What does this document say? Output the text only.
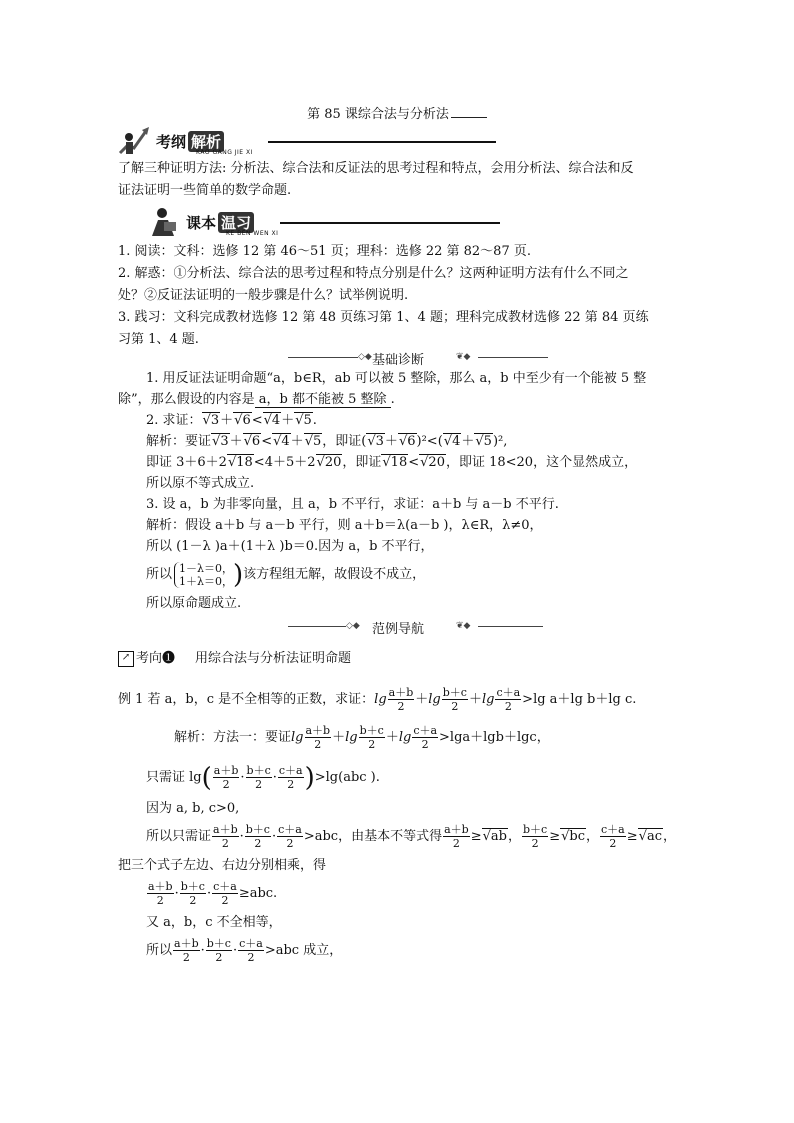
第 85 课综合法与分析法
考纲 解析
KAO GANG JIE XI
了解三种证明方法: 分析法、综合法和反证法的思考过程和特点，会用分析法、综合法和反
证法证明一些简单的数学命题.
课本 温习
KE BEN WEN XI
1. 阅读：文科：选修 12 第 46～51 页；理科：选修 22 第 82～87 页.
2. 解惑：①分析法、综合法的思考过程和特点分别是什么？这两种证明方法有什么不同之
处？②反证法证明的一般步骤是什么？试举例说明.
3. 践习：文科完成教材选修 12 第 48 页练习第 1、4 题；理科完成教材选修 22 第 84 页练
习第 1、4 题.
◇◆	❦◆
基础诊断
1. 用反证法证明命题“a，b∈R，ab 可以被 5 整除，那么 a，b 中至少有一个能被 5 整
除”，那么假设的内容是 a，b 都不能被 5 整除 .
2. 求证： √ 3＋ √ 6< √ 4＋ √ 5.
解析：要证 √ 3＋ √ 6< √ 4＋ √ 5，即证( √ 3＋ √ 6)²<( √ 4＋ √ 5)²,
即证 3＋6＋2 √ 18<4＋5＋2 √ 20，即证 √ 18< √ 20，即证 18<20，这个显然成立，
所以原不等式成立.
3. 设 a，b 为非零向量，且 a，b 不平行，求证：a＋b 与 a－b 不平行.
解析：假设 a＋b 与 a－b 平行，则 a＋b＝λ(a－b )，λ∈R，λ≠0，
所以 (1－λ )a＋(1＋λ )b＝0.因为 a，b 不平行，
所以 1－λ＝0，
1＋λ＝0， )该方程组无解，故假设不成立，
所以原命题成立.
◇◆	❦◆
范例导航
↗ 考向❶ 用综合法与分析法证明命题
例 1 若 a，b，c 是不全相等的正数，求证：$\lg \frac{a+b}{2} +\lg \frac{b+c}{2} +\lg \frac{c+a}{2} >\lg$ a＋lg b＋lg c.
解析：方法一：要证$\lg \frac{a+b}{2} +\lg \frac{b+c}{2} +\lg \frac{c+a}{2} >\lg a+\lg b+\lg c$，
只需证 $\lg( \frac{a+b}{2} \cdot \frac{b+c}{2} \cdot \frac{c+a}{2} )>\lg(abc$ ).
因为 a, b, c>0,
所以只需证 $\frac{a+b}{2} \cdot \frac{b+c}{2} \cdot \frac{c+a}{2} >abc$，由基本不等式得 $\frac{a+b}{2}$ ≥ √ ab， $\frac{b+c}{2}$ ≥ √ bc， $\frac{c+a}{2}$ ≥ √ ac，
把三个式子左边、右边分别相乘，得
$\frac{a+b}{2} \cdot \frac{b+c}{2} \cdot \frac{c+a}{2} \ge abc$.
又 a，b，c 不全相等，
所以 $\frac{a+b}{2} \cdot \frac{b+c}{2} \cdot \frac{c+a}{2} >abc$ 成立，
